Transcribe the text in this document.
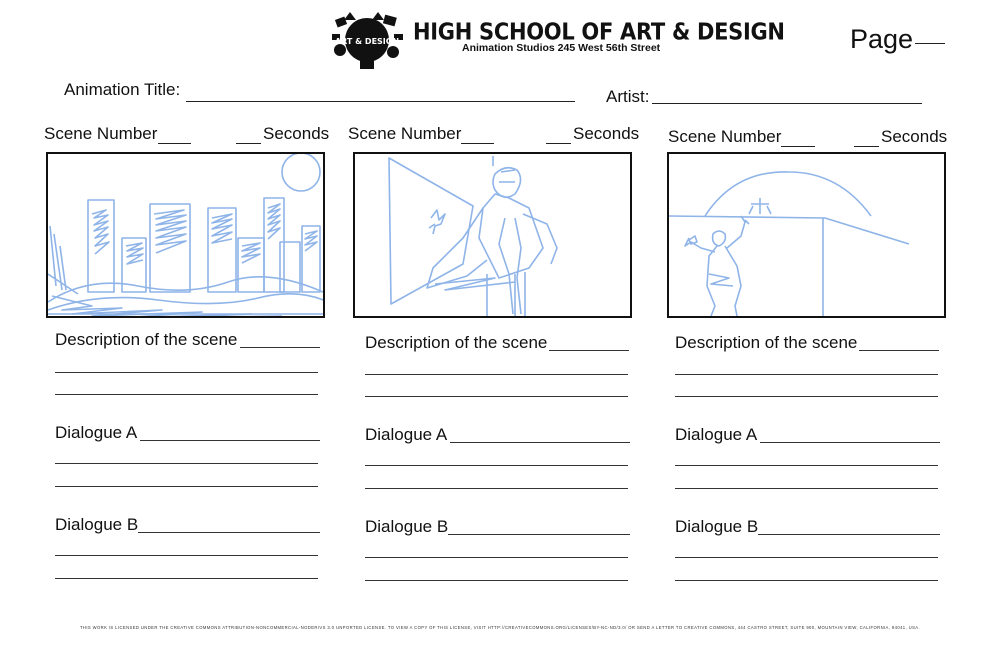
ART & DESIGN HIGH SCHOOL OF ART & DESIGN
Animation Studios 245 West 56th Street	Page
Animation Title:	Artist:
Scene Number	Seconds
Description of the scene
Dialogue A
Dialogue B
Scene Number	Seconds
Description of the scene
Dialogue A
Dialogue B
Scene Number	Seconds
Description of the scene
Dialogue A
Dialogue B
THIS WORK IS LICENSED UNDER THE CREATIVE COMMONS ATTRIBUTION-NONCOMMERCIAL-NODERIVS 3.0 UNPORTED LICENSE. TO VIEW A COPY OF THIS LICENSE, VISIT HTTP://CREATIVECOMMONS.ORG/LICENSES/BY-NC-ND/3.0/ OR SEND A LETTER TO CREATIVE COMMONS, 444 CASTRO STREET, SUITE 900, MOUNTAIN VIEW, CALIFORNIA, 94041, USA.
